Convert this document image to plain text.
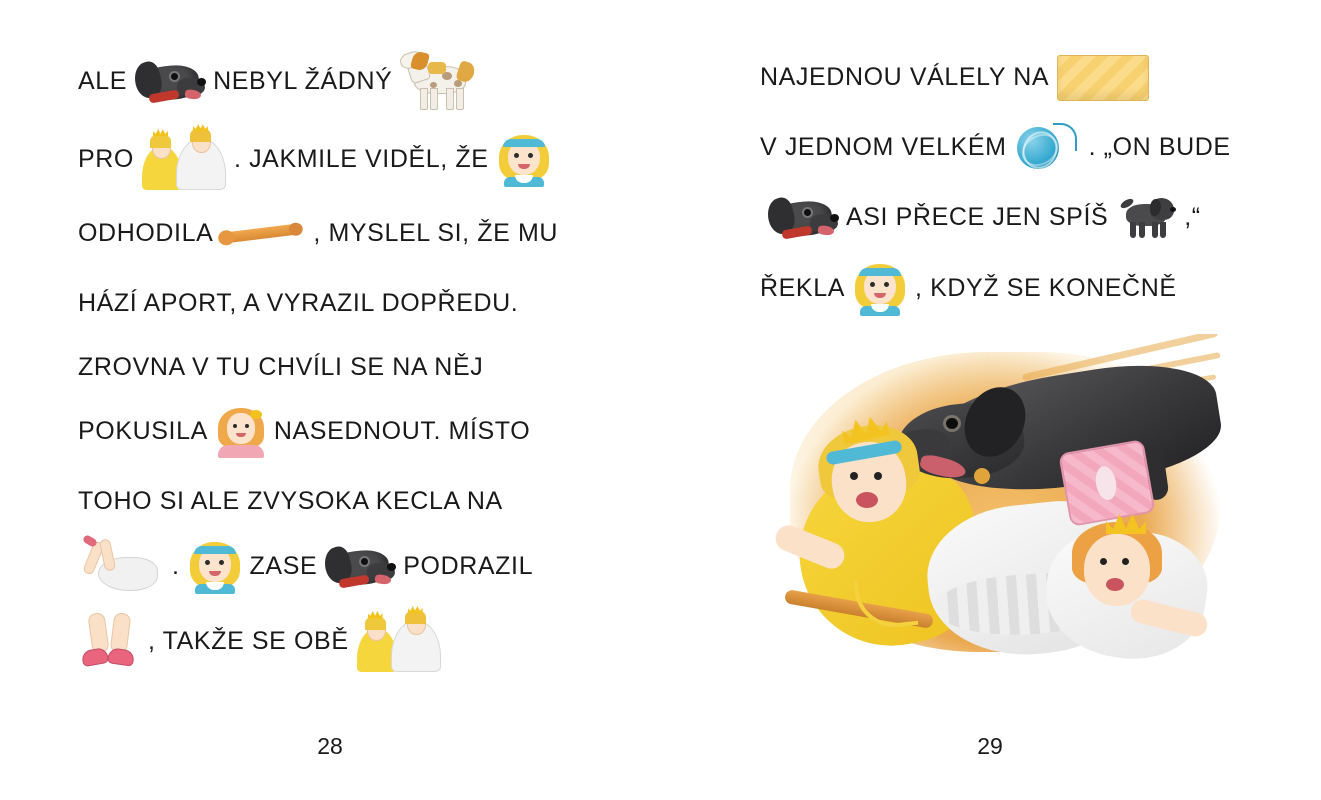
ALE

	NEBYL ŽÁDNÝ

PRO

	. JAKMILE VIDĚL, ŽE

ODHODILA	, MYSLEL SI, ŽE MU
HÁZÍ APORT, A VYRAZIL DOPŘEDU.
ZROVNA V TU CHVÍLI SE NA NĚJ
POKUSILA

	NASEDNOUT. MÍSTO
TOHO SI ALE ZVYSOKA KECLA NA

.

	ZASE

	PODRAZIL

, TAKŽE SE OBĚ

28
NAJEDNOU VÁLELY NA
V JEDNOM VELKÉM

	. „ON BUDE

ASI PŘECE JEN SPÍŠ

	,“
ŘEKLA

	, KDYŽ SE KONEČNĚ
29
